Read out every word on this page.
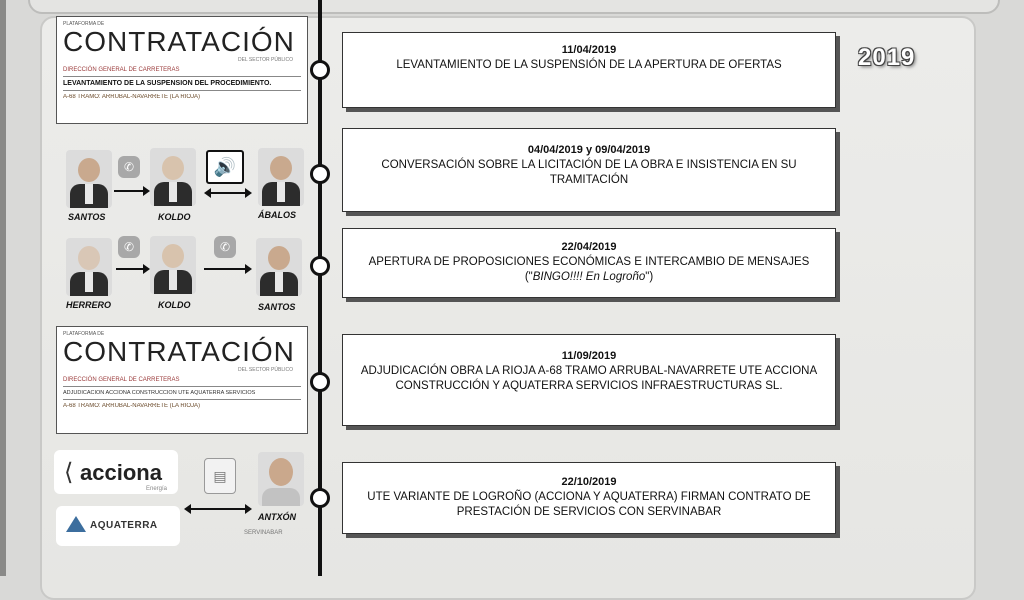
2019
11/04/2019
LEVANTAMIENTO DE LA SUSPENSIÓN DE LA APERTURA DE OFERTAS
04/04/2019 y 09/04/2019
CONVERSACIÓN SOBRE LA LICITACIÓN DE LA OBRA E INSISTENCIA EN SU TRAMITACIÓN
22/04/2019
APERTURA DE PROPOSICIONES ECONÓMICAS E INTERCAMBIO DE MENSAJES ("BINGO!!!! En Logroño")
11/09/2019
ADJUDICACIÓN OBRA LA RIOJA A-68 TRAMO ARRUBAL-NAVARRETE UTE ACCIONA CONSTRUCCIÓN Y AQUATERRA SERVICIOS INFRAESTRUCTURAS SL.
22/10/2019
UTE VARIANTE DE LOGROÑO (ACCIONA Y AQUATERRA) FIRMAN CONTRATO DE PRESTACIÓN DE SERVICIOS CON SERVINABAR
PLATAFORMA DE
CONTRATACIÓN
DEL SECTOR PÚBLICO
DIRECCIÓN GENERAL DE CARRETERAS
LEVANTAMIENTO DE LA SUSPENSIÓN DEL PROCEDIMIENTO.
A-68 TRAMO: ARRUBAL-NAVARRETE (LA RIOJA)
✆	🔊
SANTOS	KOLDO	ÁBALOS
✆	✆
HERRERO	KOLDO	SANTOS
PLATAFORMA DE
CONTRATACIÓN
DEL SECTOR PÚBLICO
DIRECCIÓN GENERAL DE CARRETERAS
ADJUDICACIÓN ACCIONA CONSTRUCCIÓN UTE AQUATERRA SERVICIOS
A-68 TRAMO: ARRUBAL-NAVARRETE (LA RIOJA)
⟨ acciona
Energía
AQUATERRA
▤
ANTXÓN
SERVINABAR
